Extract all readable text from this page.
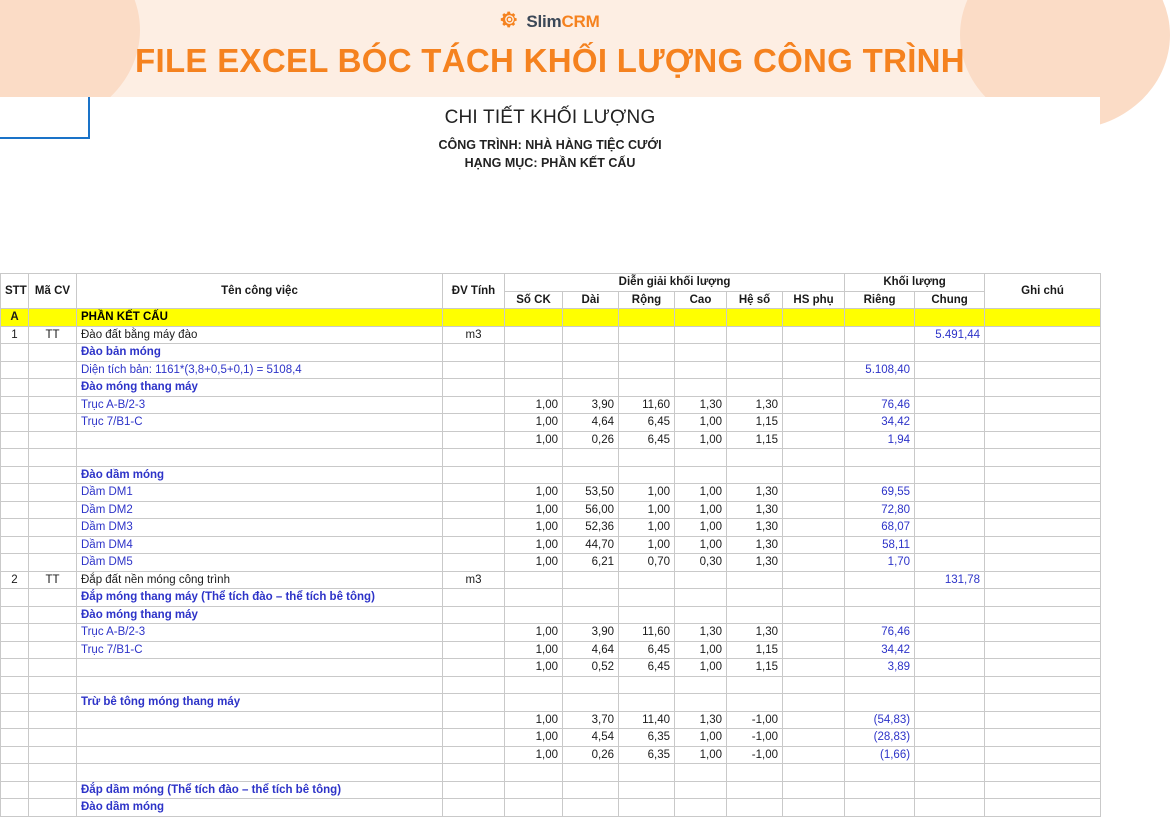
SlimCRM
FILE EXCEL BÓC TÁCH KHỐI LƯỢNG CÔNG TRÌNH
CHI TIẾT KHỐI LƯỢNG
CÔNG TRÌNH: NHÀ HÀNG TIỆC CƯỚI
HẠNG MỤC: PHẦN KẾT CẤU
STT	Mã CV	Tên công việc	ĐV Tính	Diễn giải khối lượng						Khối lượng		Ghi chú
				Số CK	Dài	Rộng	Cao	Hệ số	HS phụ	Riêng	Chung	
A		PHẦN KẾT CẤU										
1	TT	Đào đất bằng máy đào	m3								5.491,44	
		Đào bản móng										
		Diện tích bản: 1161*(3,8+0,5+0,1) = 5108,4								5.108,40		
		Đào móng thang máy										
		Trục A-B/2-3		1,00	3,90	11,60	1,30	1,30		76,46		
		Trục 7/B1-C		1,00	4,64	6,45	1,00	1,15		34,42		
				1,00	0,26	6,45	1,00	1,15		1,94		

		Đào dầm móng										
		Dầm DM1		1,00	53,50	1,00	1,00	1,30		69,55		
		Dầm DM2		1,00	56,00	1,00	1,00	1,30		72,80		
		Dầm DM3		1,00	52,36	1,00	1,00	1,30		68,07		
		Dầm DM4		1,00	44,70	1,00	1,00	1,30		58,11		
		Dầm DM5		1,00	6,21	0,70	0,30	1,30		1,70		
2	TT	Đắp đất nền móng công trình	m3								131,78	
		Đắp móng thang máy (Thể tích đào – thể tích bê tông)										
		Đào móng thang máy										
		Trục A-B/2-3		1,00	3,90	11,60	1,30	1,30		76,46		
		Trục 7/B1-C		1,00	4,64	6,45	1,00	1,15		34,42		
				1,00	0,52	6,45	1,00	1,15		3,89		

		Trừ bê tông móng thang máy										
				1,00	3,70	11,40	1,30	-1,00		(54,83)		
				1,00	4,54	6,35	1,00	-1,00		(28,83)		
				1,00	0,26	6,35	1,00	-1,00		(1,66)		

		Đắp dầm móng (Thể tích đào – thể tích bê tông)										
		Đào dầm móng										
